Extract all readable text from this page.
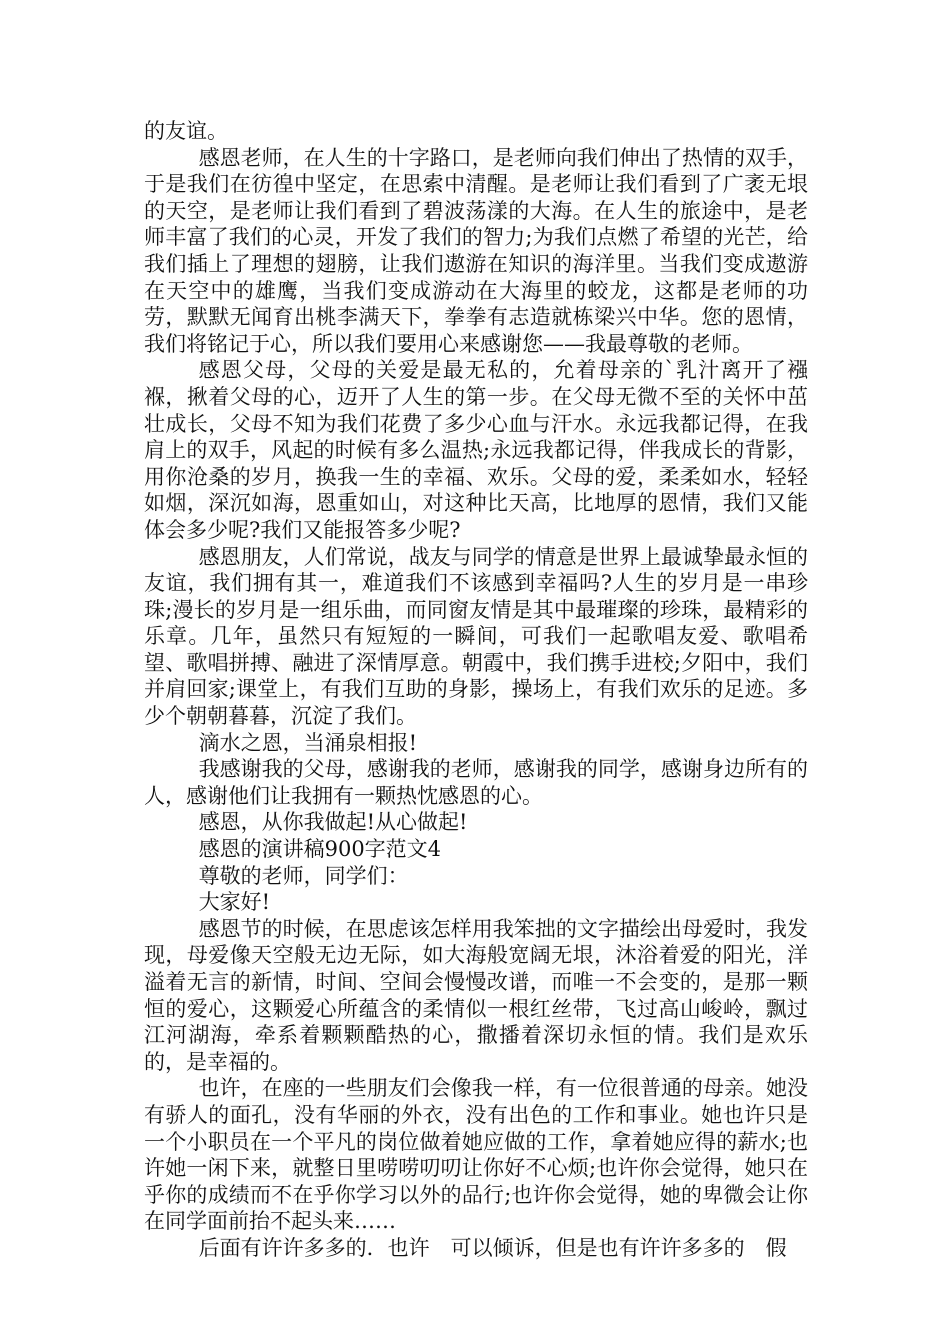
的友谊。

感恩老师，在人生的十字路口，是老师向我们伸出了热情的双手，于是我们在彷徨中坚定，在思索中清醒。是老师让我们看到了广袤无垠的天空，是老师让我们看到了碧波荡漾的大海。在人生的旅途中，是老师丰富了我们的心灵，开发了我们的智力;为我们点燃了希望的光芒，给我们插上了理想的翅膀，让我们遨游在知识的海洋里。当我们变成遨游在天空中的雄鹰，当我们变成游动在大海里的蛟龙，这都是老师的功劳，默默无闻育出桃李满天下，拳拳有志造就栋梁兴中华。您的恩情，我们将铭记于心，所以我们要用心来感谢您——我最尊敬的老师。

感恩父母，父母的关爱是最无私的，允着母亲的`乳汁离开了襁褓，揪着父母的心，迈开了人生的第一步。在父母无微不至的关怀中茁壮成长，父母不知为我们花费了多少心血与汗水。永远我都记得，在我肩上的双手，风起的时候有多么温热;永远我都记得，伴我成长的背影，用你沧桑的岁月，换我一生的幸福、欢乐。父母的爱，柔柔如水，轻轻如烟，深沉如海，恩重如山，对这种比天高，比地厚的恩情，我们又能体会多少呢?我们又能报答多少呢?

感恩朋友，人们常说，战友与同学的情意是世界上最诚挚最永恒的友谊，我们拥有其一，难道我们不该感到幸福吗?人生的岁月是一串珍珠;漫长的岁月是一组乐曲，而同窗友情是其中最璀璨的珍珠，最精彩的乐章。几年，虽然只有短短的一瞬间，可我们一起歌唱友爱、歌唱希望、歌唱拼搏、融进了深情厚意。朝霞中，我们携手进校;夕阳中，我们并肩回家;课堂上，有我们互助的身影，操场上，有我们欢乐的足迹。多少个朝朝暮暮，沉淀了我们。

滴水之恩，当涌泉相报!

我感谢我的父母，感谢我的老师，感谢我的同学，感谢身边所有的人，感谢他们让我拥有一颗热忱感恩的心。

感恩，从你我做起!从心做起!

感恩的演讲稿900字范文4

尊敬的老师，同学们：

大家好!

感恩节的时候，在思虑该怎样用我笨拙的文字描绘出母爱时，我发现，母爱像天空般无边无际，如大海般宽阔无垠，沐浴着爱的阳光，洋溢着无言的新情，时间、空间会慢慢改谱，而唯一不会变的，是那一颗恒的爱心，这颗爱心所蕴含的柔情似一根红丝带，飞过高山峻岭，飘过江河湖海，牵系着颗颗酷热的心，撒播着深切永恒的情。我们是欢乐的，是幸福的。

也许，在座的一些朋友们会像我一样，有一位很普通的母亲。她没有骄人的面孔，没有华丽的外衣，没有出色的工作和事业。她也许只是一个小职员在一个平凡的岗位做着她应做的工作，拿着她应得的薪水;也许她一闲下来，就整日里唠唠叨叨让你好不心烦;也许你会觉得，她只在乎你的成绩而不在乎你学习以外的品行;也许你会觉得，她的卑微会让你在同学面前抬不起头来……

后面有许许多多的．也许　可以倾诉，但是也有许许多多的　假
